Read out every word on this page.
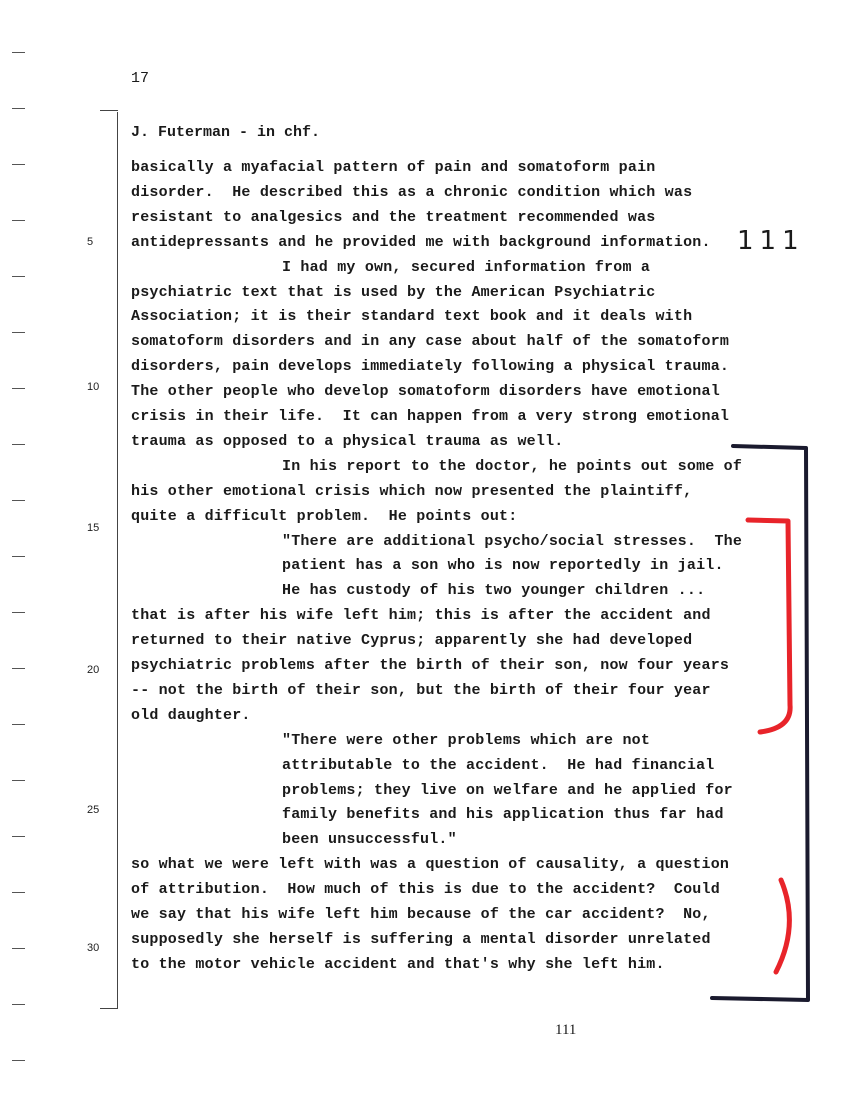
17
5
10
15
20
25
30
J. Futerman - in chf.
basically a myafacial pattern of pain and somatoform pain
disorder.  He described this as a chronic condition which was
resistant to analgesics and the treatment recommended was
antidepressants and he provided me with background information.
I had my own, secured information from a
psychiatric text that is used by the American Psychiatric
Association; it is their standard text book and it deals with
somatoform disorders and in any case about half of the somatoform
disorders, pain develops immediately following a physical trauma.
The other people who develop somatoform disorders have emotional
crisis in their life.  It can happen from a very strong emotional
trauma as opposed to a physical trauma as well.
In his report to the doctor, he points out some of
his other emotional crisis which now presented the plaintiff,
quite a difficult problem.  He points out:
"There are additional psycho/social stresses.  The
patient has a son who is now reportedly in jail.
He has custody of his two younger children ...
that is after his wife left him; this is after the accident and
returned to their native Cyprus; apparently she had developed
psychiatric problems after the birth of their son, now four years
-- not the birth of their son, but the birth of their four year
old daughter.
"There were other problems which are not
attributable to the accident.  He had financial
problems; they live on welfare and he applied for
family benefits and his application thus far had
been unsuccessful."
so what we were left with was a question of causality, a question
of attribution.  How much of this is due to the accident?  Could
we say that his wife left him because of the car accident?  No,
supposedly she herself is suffering a mental disorder unrelated
to the motor vehicle accident and that's why she left him.
111
111
